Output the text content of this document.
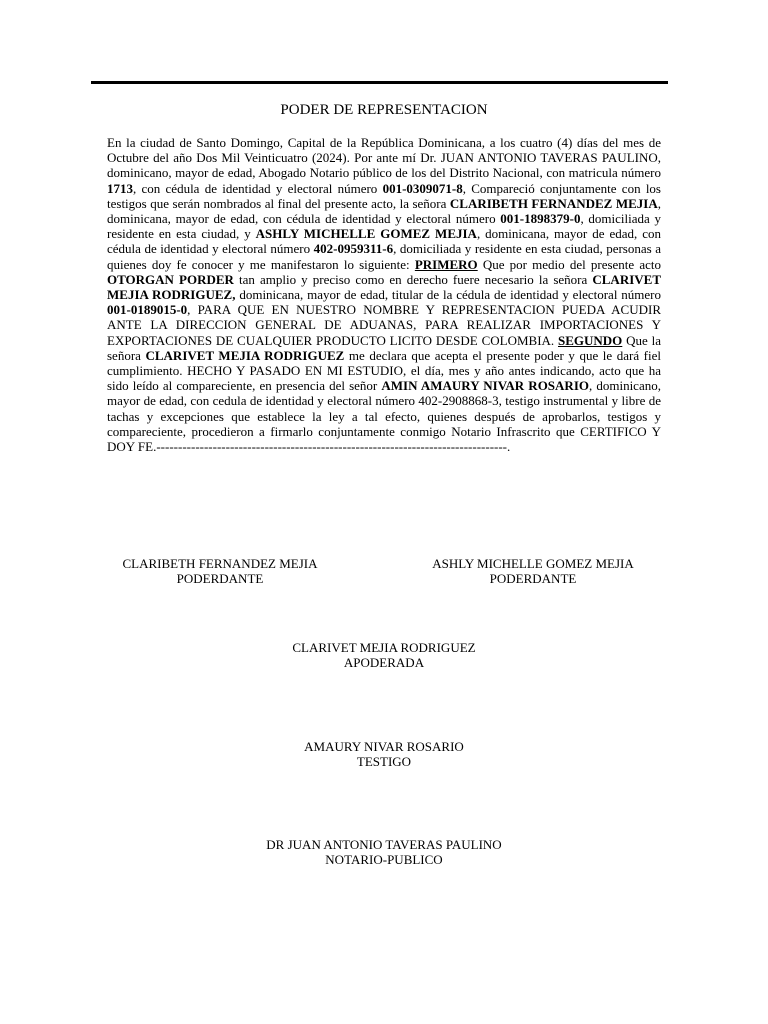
PODER DE REPRESENTACION

En la ciudad de Santo Domingo, Capital de la República Dominicana, a los cuatro (4) días del mes de Octubre del año Dos Mil Veinticuatro (2024). Por ante mí Dr. JUAN ANTONIO TAVERAS PAULINO, dominicano, mayor de edad, Abogado Notario público de los del Distrito Nacional, con matricula número 1713, con cédula de identidad y electoral número 001-0309071-8, Compareció conjuntamente con los testigos que serán nombrados al final del presente acto, la señora CLARIBETH FERNANDEZ MEJIA, dominicana, mayor de edad, con cédula de identidad y electoral número 001-1898379-0, domiciliada y residente en esta ciudad, y ASHLY MICHELLE GOMEZ MEJIA, dominicana, mayor de edad, con cédula de identidad y electoral número 402-0959311-6, domiciliada y residente en esta ciudad, personas a quienes doy fe conocer y me manifestaron lo siguiente: PRIMERO Que por medio del presente acto OTORGAN PORDER tan amplio y preciso como en derecho fuere necesario la señora CLARIVET MEJIA RODRIGUEZ, dominicana, mayor de edad, titular de la cédula de identidad y electoral número 001-0189015-0, PARA QUE EN NUESTRO NOMBRE Y REPRESENTACION PUEDA ACUDIR ANTE LA DIRECCION GENERAL DE ADUANAS, PARA REALIZAR IMPORTACIONES Y EXPORTACIONES DE CUALQUIER PRODUCTO LICITO DESDE COLOMBIA. SEGUNDO Que la señora CLARIVET MEJIA RODRIGUEZ me declara que acepta el presente poder y que le dará fiel cumplimiento. HECHO Y PASADO EN MI ESTUDIO, el día, mes y año antes indicando, acto que ha sido leído al compareciente, en presencia del señor AMIN AMAURY NIVAR ROSARIO, dominicano, mayor de edad, con cedula de identidad y electoral número 402-2908868-3, testigo instrumental y libre de tachas y excepciones que establece la ley a tal efecto, quienes después de aprobarlos, testigos y compareciente, procedieron a firmarlo conjuntamente conmigo Notario Infrascrito que CERTIFICO Y DOY FE.---------------------------------------------------------------------------------.

CLARIBETH FERNANDEZ MEJIA
PODERDANTE
ASHLY MICHELLE GOMEZ MEJIA
PODERDANTE
CLARIVET MEJIA RODRIGUEZ
APODERADA
AMAURY NIVAR ROSARIO
TESTIGO
DR JUAN ANTONIO TAVERAS PAULINO
NOTARIO-PUBLICO
